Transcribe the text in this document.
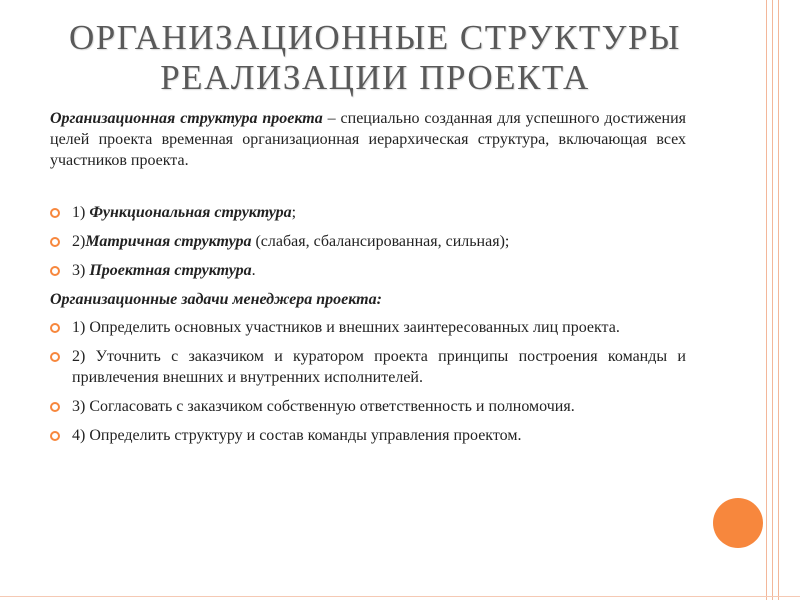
ОРГАНИЗАЦИОННЫЕ СТРУКТУРЫ
РЕАЛИЗАЦИИ ПРОЕКТА

Организационная структура проекта – специально созданная для успешного достижения целей проекта временная организационная иерархическая структура, включающая всех участников проекта.

1) Функциональная структура;
2)Матричная структура (слабая, сбалансированная, сильная);
3) Проектная структура.

Организационные задачи менеджера проекта:

1) Определить основных участников и внешних заинтересованных лиц проекта.
2) Уточнить с заказчиком и куратором проекта принципы построения команды и привлечения внешних и внутренних исполнителей.
3) Согласовать с заказчиком собственную ответственность и полномочия.
4) Определить структуру и состав команды управления проектом.
